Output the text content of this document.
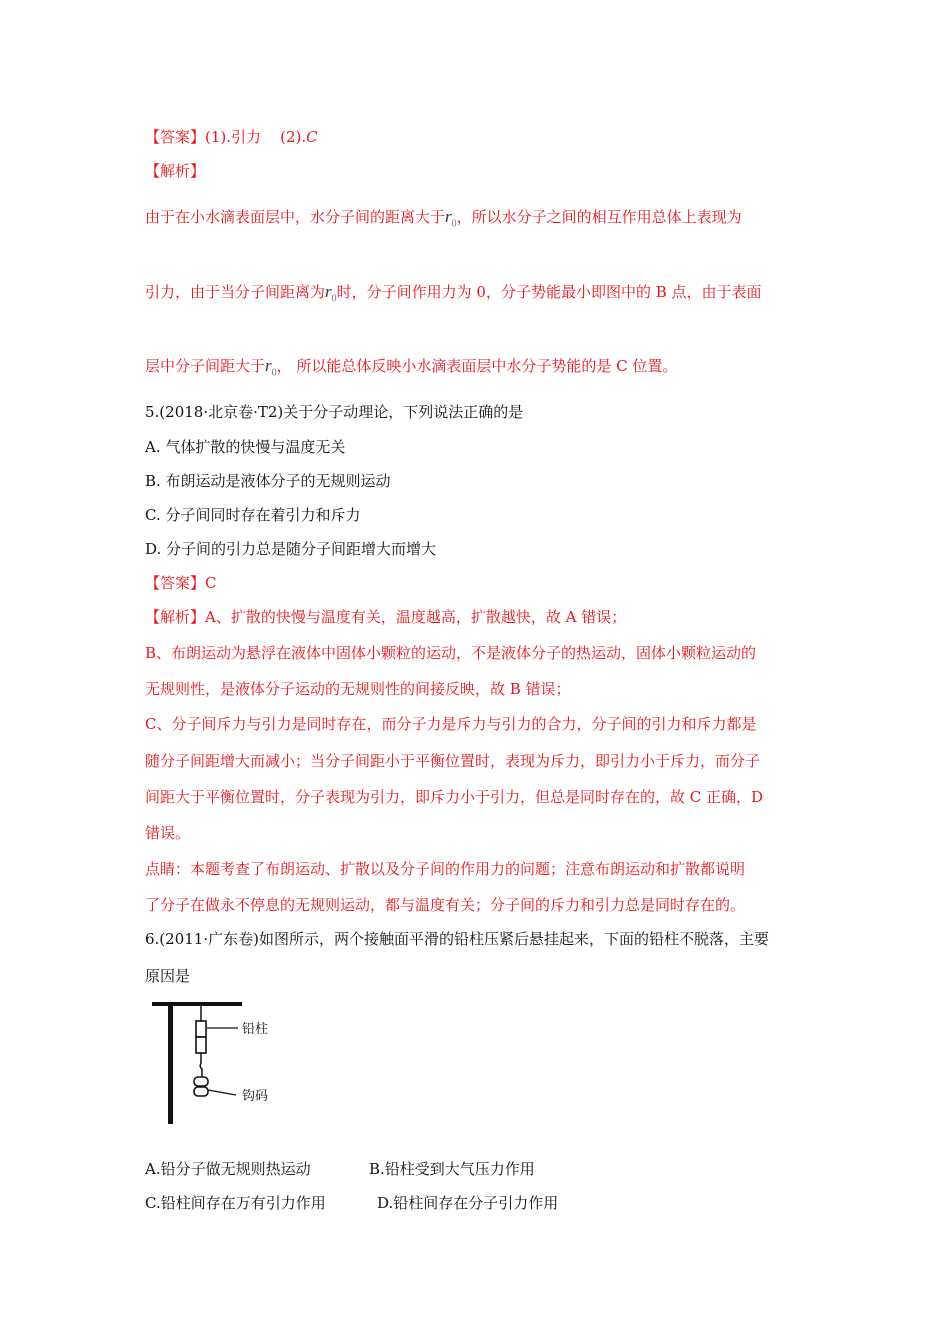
【答案】(1).引力 (2).C
【解析】
由于在小水滴表面层中，水分子间的距离大于$r_0$，所以水分子之间的相互作用总体上表现为
引力，由于当分子间距离为$r_0$时，分子间作用力为 0，分子势能最小即图中的 B 点，由于表面
层中分子间距大于$r_0$， 所以能总体反映小水滴表面层中水分子势能的是 C 位置。
5.(2018·北京卷·T2)关于分子动理论，下列说法正确的是
A. 气体扩散的快慢与温度无关
B. 布朗运动是液体分子的无规则运动
C. 分子间同时存在着引力和斥力
D. 分子间的引力总是随分子间距增大而增大
【答案】C
【解析】A、扩散的快慢与温度有关，温度越高，扩散越快，故 A 错误；
B、布朗运动为悬浮在液体中固体小颗粒的运动，不是液体分子的热运动，固体小颗粒运动的
无规则性，是液体分子运动的无规则性的间接反映，故 B 错误；
C、分子间斥力与引力是同时存在，而分子力是斥力与引力的合力，分子间的引力和斥力都是
随分子间距增大而减小；当分子间距小于平衡位置时，表现为斥力，即引力小于斥力，而分子
间距大于平衡位置时，分子表现为引力，即斥力小于引力，但总是同时存在的，故 C 正确，D
错误。
点睛：本题考查了布朗运动、扩散以及分子间的作用力的问题；注意布朗运动和扩散都说明
了分子在做永不停息的无规则运动，都与温度有关；分子间的斥力和引力总是同时存在的。
6.(2011·广东卷)如图所示，两个接触面平滑的铅柱压紧后悬挂起来，下面的铅柱不脱落，主要
原因是
铅柱
钩码
A.铅分子做无规则热运动	B.铅柱受到大气压力作用
C.铅柱间存在万有引力作用	D.铅柱间存在分子引力作用
